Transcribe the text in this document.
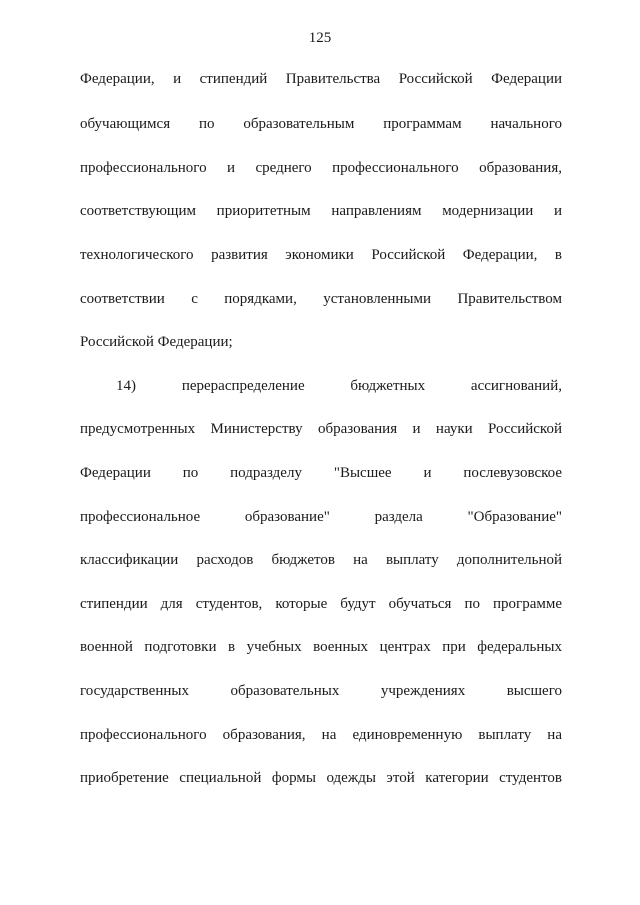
125
Федерации, и стипендий Правительства Российской Федерации
обучающимся по образовательным программам начального
профессионального и среднего профессионального образования,
соответствующим приоритетным направлениям модернизации и
технологического развития экономики Российской Федерации, в
соответствии с порядками, установленными Правительством
Российской Федерации;
14) перераспределение бюджетных ассигнований,
предусмотренных Министерству образования и науки Российской
Федерации по подразделу "Высшее и послевузовское
профессиональное образование" раздела "Образование"
классификации расходов бюджетов на выплату дополнительной
стипендии для студентов, которые будут обучаться по программе
военной подготовки в учебных военных центрах при федеральных
государственных образовательных учреждениях высшего
профессионального образования, на единовременную выплату на
приобретение специальной формы одежды этой категории студентов
